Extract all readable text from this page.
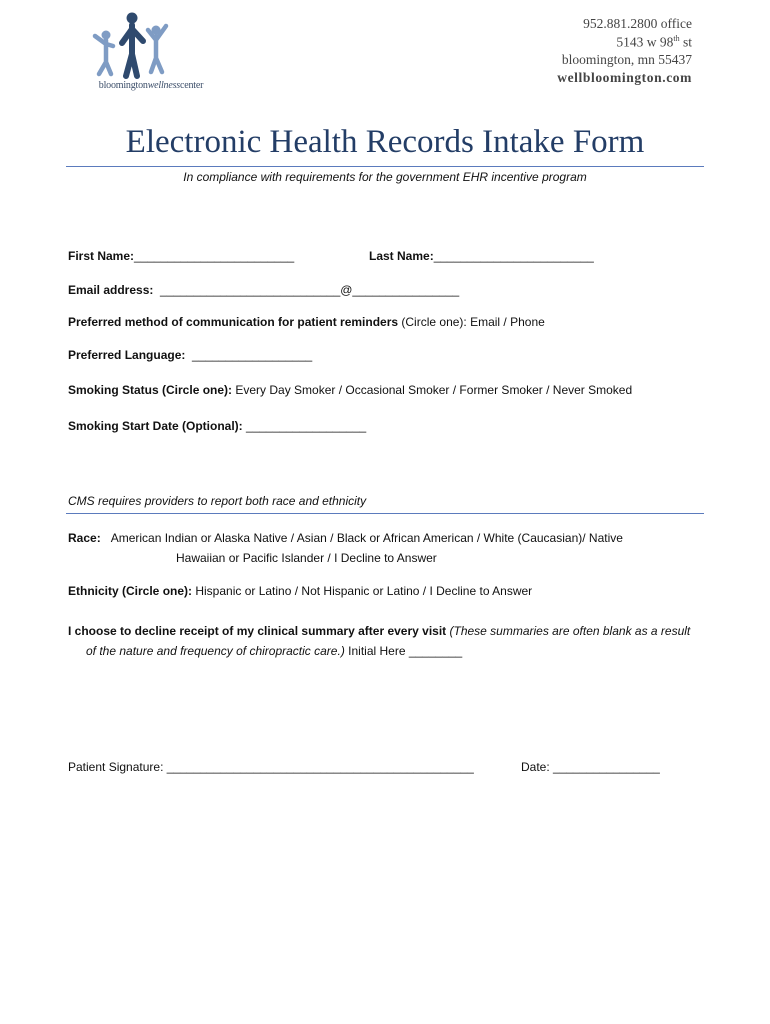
bloomingtonwellnesscenter
952.881.2800 office
5143 w 98th st
bloomington, mn 55437
wellbloomington.com
Electronic Health Records Intake Form
In compliance with requirements for the government EHR incentive program
First Name:________________________	Last Name:________________________
Email address: ___________________________@________________
Preferred method of communication for patient reminders (Circle one): Email / Phone
Preferred Language: __________________
Smoking Status (Circle one): Every Day Smoker / Occasional Smoker / Former Smoker / Never Smoked
Smoking Start Date (Optional): __________________
CMS requires providers to report both race and ethnicity
Race: American Indian or Alaska Native / Asian / Black or African American / White (Caucasian)/ Native
Hawaiian or Pacific Islander / I Decline to Answer
Ethnicity (Circle one): Hispanic or Latino / Not Hispanic or Latino / I Decline to Answer
I choose to decline receipt of my clinical summary after every visit (These summaries are often blank as a result
of the nature and frequency of chiropractic care.) Initial Here ________
Patient Signature: ______________________________________________	Date: ________________
